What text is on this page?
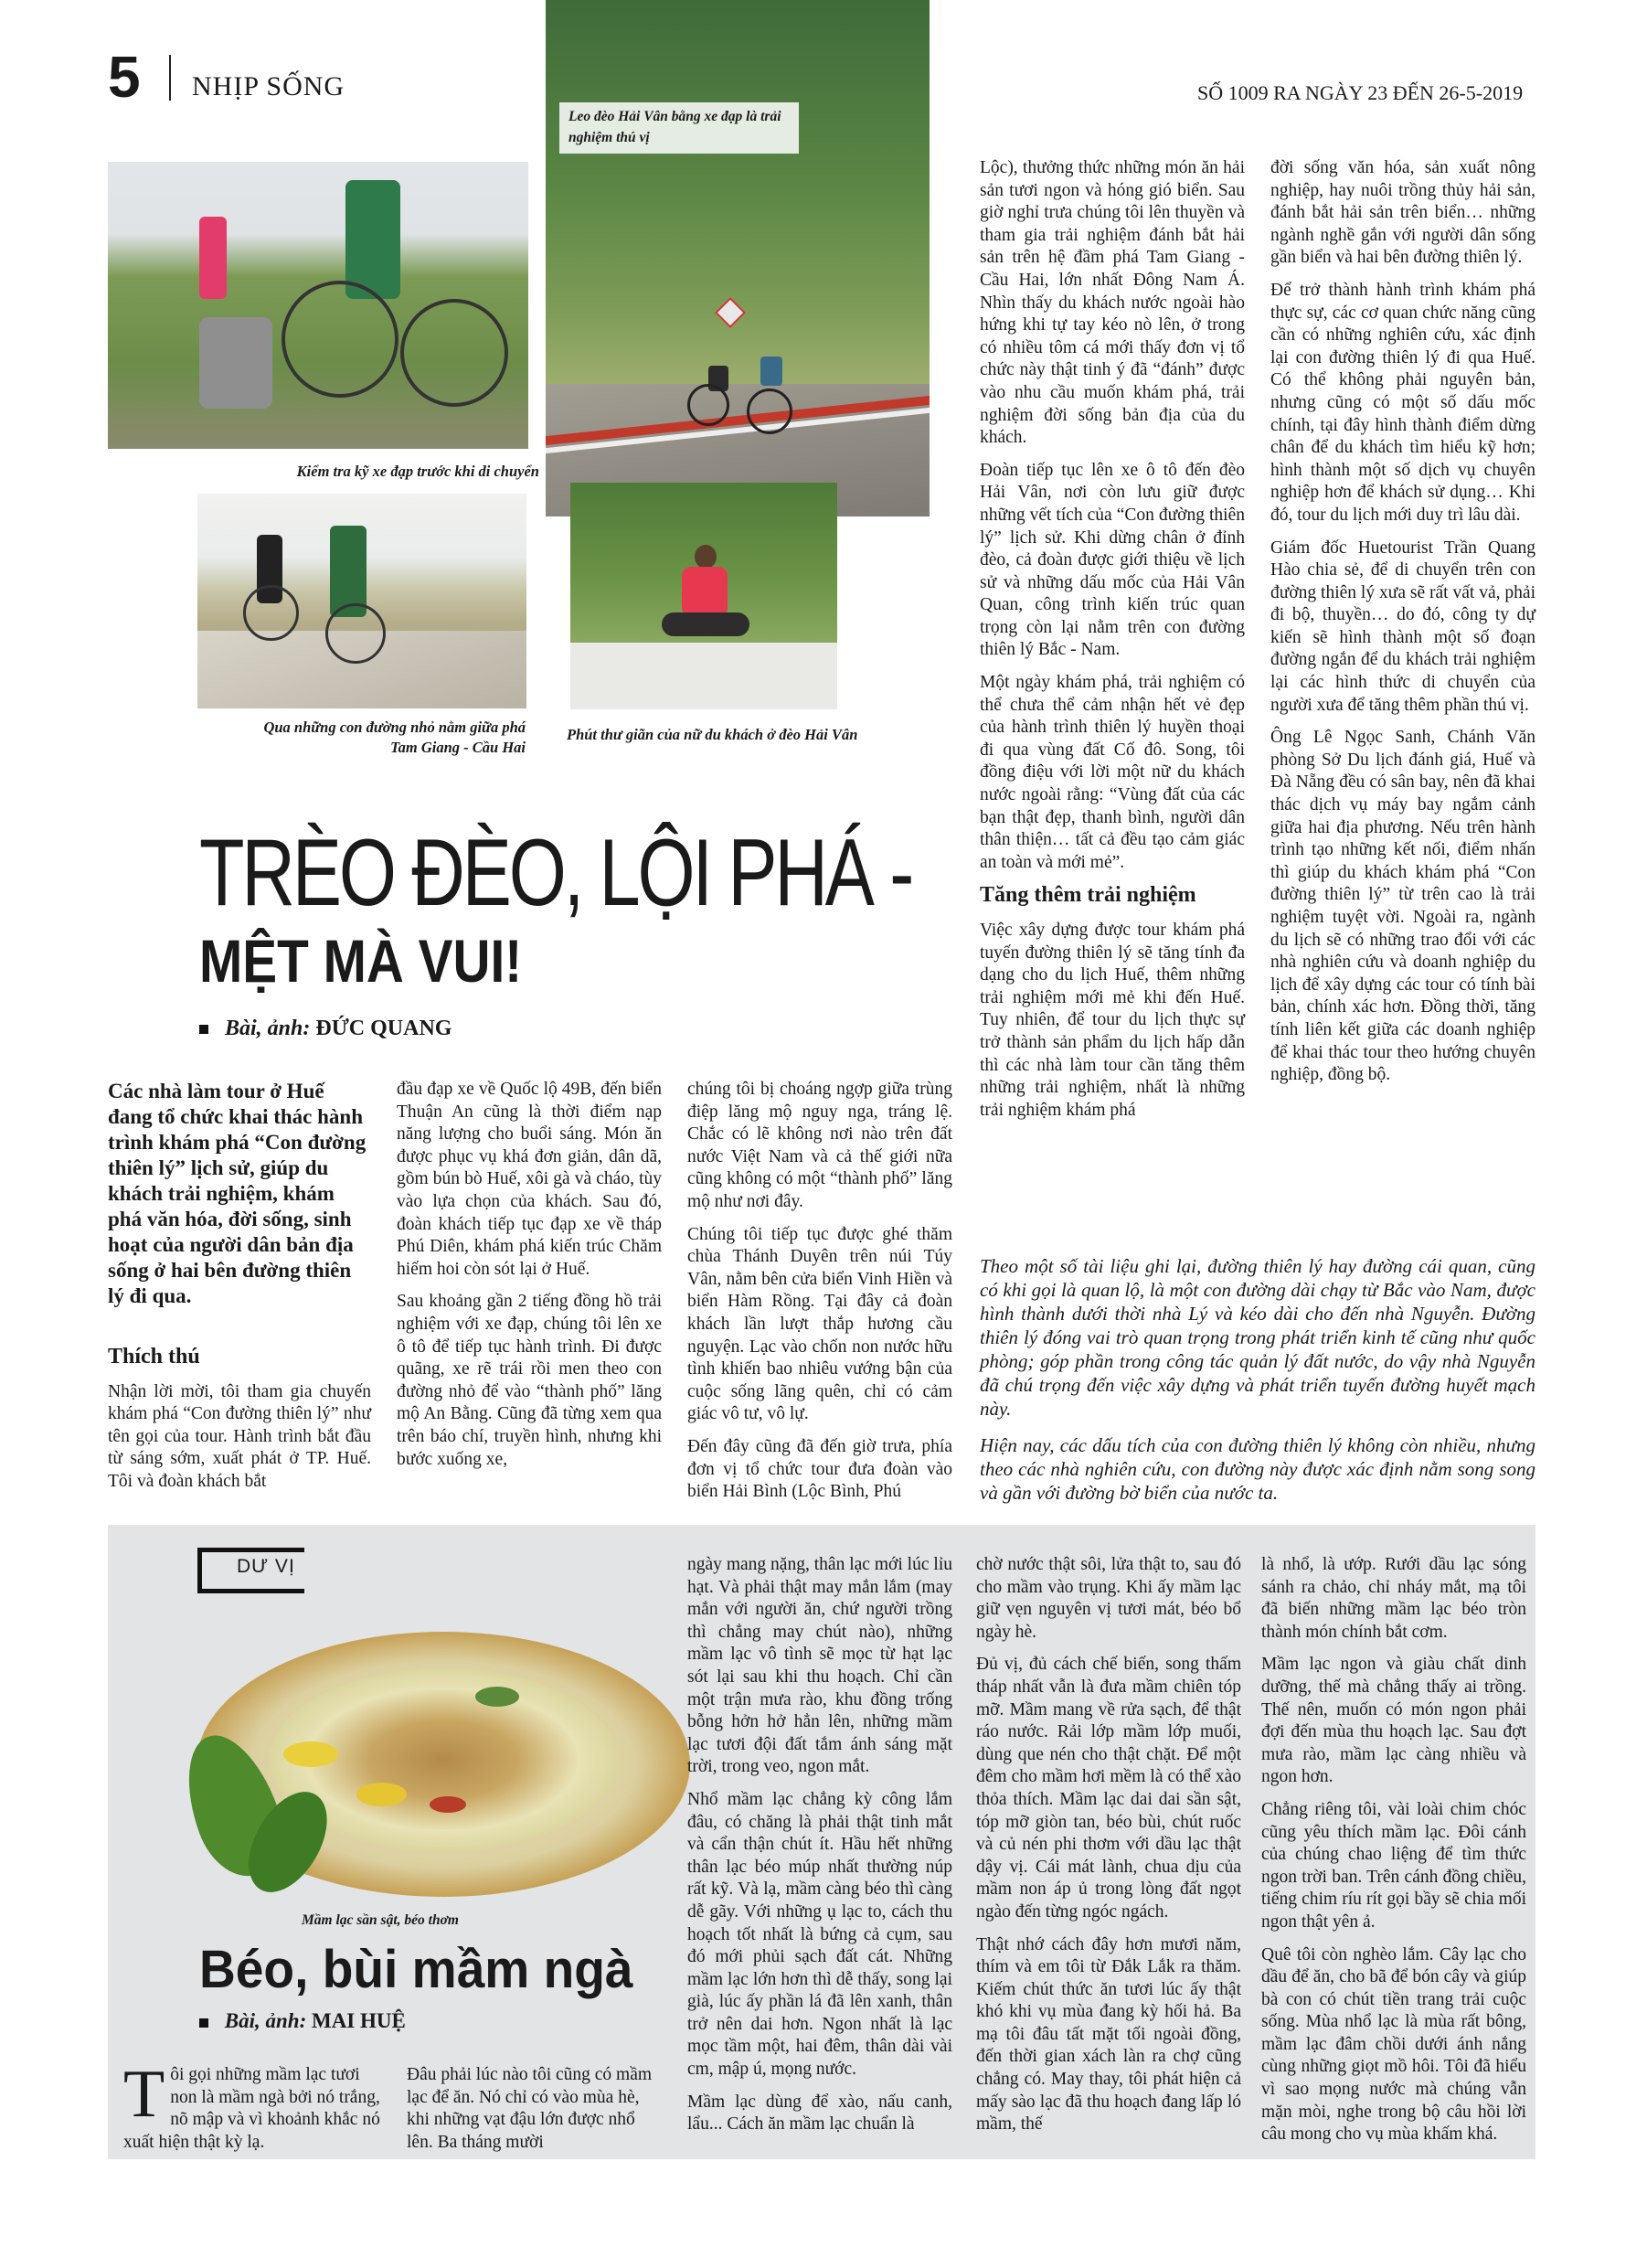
5 NHỊP SỐNG	SỐ 1009 RA NGÀY 23 ĐẾN 26-5-2019
Leo đèo Hải Vân bằng xe đạp là trải nghiệm thú vị
Kiểm tra kỹ xe đạp trước khi di chuyển
Qua những con đường nhỏ nằm giữa phá Tam Giang - Cầu Hai
Phút thư giãn của nữ du khách ở đèo Hải Vân
TRÈO ĐÈO, LỘI PHÁ -
MỆT MÀ VUI!
Bài, ảnh: ĐỨC QUANG

Các nhà làm tour ở Huế đang tổ chức khai thác hành trình khám phá “Con đường thiên lý” lịch sử, giúp du khách trải nghiệm, khám phá văn hóa, đời sống, sinh hoạt của người dân bản địa sống ở hai bên đường thiên lý đi qua.

Thích thú

Nhận lời mời, tôi tham gia chuyến khám phá “Con đường thiên lý” như tên gọi của tour. Hành trình bắt đầu từ sáng sớm, xuất phát ở TP. Huế. Tôi và đoàn khách bắt

đầu đạp xe về Quốc lộ 49B, đến biển Thuận An cũng là thời điểm nạp năng lượng cho buổi sáng. Món ăn được phục vụ khá đơn giản, dân dã, gồm bún bò Huế, xôi gà và cháo, tùy vào lựa chọn của khách. Sau đó, đoàn khách tiếp tục đạp xe về tháp Phú Diên, khám phá kiến trúc Chăm hiếm hoi còn sót lại ở Huế.

Sau khoảng gần 2 tiếng đồng hồ trải nghiệm với xe đạp, chúng tôi lên xe ô tô để tiếp tục hành trình. Đi được quãng, xe rẽ trái rồi men theo con đường nhỏ để vào “thành phố” lăng mộ An Bằng. Cũng đã từng xem qua trên báo chí, truyền hình, nhưng khi bước xuống xe,

chúng tôi bị choáng ngợp giữa trùng điệp lăng mộ nguy nga, tráng lệ. Chắc có lẽ không nơi nào trên đất nước Việt Nam và cả thế giới nữa cũng không có một “thành phố” lăng mộ như nơi đây.

Chúng tôi tiếp tục được ghé thăm chùa Thánh Duyên trên núi Túy Vân, nằm bên cửa biển Vinh Hiền và biển Hàm Rồng. Tại đây cả đoàn khách lần lượt thắp hương cầu nguyện. Lạc vào chốn non nước hữu tình khiến bao nhiêu vướng bận của cuộc sống lãng quên, chỉ có cảm giác vô tư, vô lự.

Đến đây cũng đã đến giờ trưa, phía đơn vị tổ chức tour đưa đoàn vào biển Hải Bình (Lộc Bình, Phú

Lộc), thưởng thức những món ăn hải sản tươi ngon và hóng gió biển. Sau giờ nghỉ trưa chúng tôi lên thuyền và tham gia trải nghiệm đánh bắt hải sản trên hệ đầm phá Tam Giang - Cầu Hai, lớn nhất Đông Nam Á. Nhìn thấy du khách nước ngoài hào hứng khi tự tay kéo nò lên, ở trong có nhiều tôm cá mới thấy đơn vị tổ chức này thật tinh ý đã “đánh” được vào nhu cầu muốn khám phá, trải nghiệm đời sống bản địa của du khách.

Đoàn tiếp tục lên xe ô tô đến đèo Hải Vân, nơi còn lưu giữ được những vết tích của “Con đường thiên lý” lịch sử. Khi dừng chân ở đỉnh đèo, cả đoàn được giới thiệu về lịch sử và những dấu mốc của Hải Vân Quan, công trình kiến trúc quan trọng còn lại nằm trên con đường thiên lý Bắc - Nam.

Một ngày khám phá, trải nghiệm có thể chưa thể cảm nhận hết vẻ đẹp của hành trình thiên lý huyền thoại đi qua vùng đất Cố đô. Song, tôi đồng điệu với lời một nữ du khách nước ngoài rằng: “Vùng đất của các bạn thật đẹp, thanh bình, người dân thân thiện… tất cả đều tạo cảm giác an toàn và mới mẻ”.

Tăng thêm trải nghiệm

Việc xây dựng được tour khám phá tuyến đường thiên lý sẽ tăng tính đa dạng cho du lịch Huế, thêm những trải nghiệm mới mẻ khi đến Huế. Tuy nhiên, để tour du lịch thực sự trở thành sản phẩm du lịch hấp dẫn thì các nhà làm tour cần tăng thêm những trải nghiệm, nhất là những trải nghiệm khám phá

đời sống văn hóa, sản xuất nông nghiệp, hay nuôi trồng thủy hải sản, đánh bắt hải sản trên biển… những ngành nghề gắn với người dân sống gần biển và hai bên đường thiên lý.

Để trở thành hành trình khám phá thực sự, các cơ quan chức năng cũng cần có những nghiên cứu, xác định lại con đường thiên lý đi qua Huế. Có thể không phải nguyên bản, nhưng cũng có một số dấu mốc chính, tại đây hình thành điểm dừng chân để du khách tìm hiểu kỹ hơn; hình thành một số dịch vụ chuyên nghiệp hơn để khách sử dụng… Khi đó, tour du lịch mới duy trì lâu dài.

Giám đốc Huetourist Trần Quang Hào chia sẻ, để di chuyển trên con đường thiên lý xưa sẽ rất vất vả, phải đi bộ, thuyền… do đó, công ty dự kiến sẽ hình thành một số đoạn đường ngắn để du khách trải nghiệm lại các hình thức di chuyển của người xưa để tăng thêm phần thú vị.

Ông Lê Ngọc Sanh, Chánh Văn phòng Sở Du lịch đánh giá, Huế và Đà Nẵng đều có sân bay, nên đã khai thác dịch vụ máy bay ngắm cảnh giữa hai địa phương. Nếu trên hành trình tạo những kết nối, điểm nhấn thì giúp du khách khám phá “Con đường thiên lý” từ trên cao là trải nghiệm tuyệt vời. Ngoài ra, ngành du lịch sẽ có những trao đổi với các nhà nghiên cứu và doanh nghiệp du lịch để xây dựng các tour có tính bài bản, chính xác hơn. Đồng thời, tăng tính liên kết giữa các doanh nghiệp để khai thác tour theo hướng chuyên nghiệp, đồng bộ.

Theo một số tài liệu ghi lại, đường thiên lý hay đường cái quan, cũng có khi gọi là quan lộ, là một con đường dài chạy từ Bắc vào Nam, được hình thành dưới thời nhà Lý và kéo dài cho đến nhà Nguyễn. Đường thiên lý đóng vai trò quan trọng trong phát triển kinh tế cũng như quốc phòng; góp phần trong công tác quản lý đất nước, do vậy nhà Nguyễn đã chú trọng đến việc xây dựng và phát triển tuyến đường huyết mạch này.

Hiện nay, các dấu tích của con đường thiên lý không còn nhiều, nhưng theo các nhà nghiên cứu, con đường này được xác định nằm song song và gần với đường bờ biển của nước ta.

DƯ VỊ
Mầm lạc sần sật, béo thơm
Béo, bùi mầm ngà
Bài, ảnh: MAI HUỆ

Tôi gọi những mầm lạc tươi non là mầm ngà bởi nó trắng, nõ mập và vì khoảnh khắc nó xuất hiện thật kỳ lạ.

Đâu phải lúc nào tôi cũng có mầm lạc để ăn. Nó chỉ có vào mùa hè, khi những vạt đậu lớn được nhổ lên. Ba tháng mười

ngày mang nặng, thân lạc mới lúc lỉu hạt. Và phải thật may mắn lắm (may mắn với người ăn, chứ người trồng thì chẳng may chút nào), những mầm lạc vô tình sẽ mọc từ hạt lạc sót lại sau khi thu hoạch. Chỉ cần một trận mưa rào, khu đồng trống bỗng hởn hở hẳn lên, những mầm lạc tươi đội đất tắm ánh sáng mặt trời, trong veo, ngon mắt.

Nhổ mầm lạc chẳng kỳ công lắm đâu, có chăng là phải thật tinh mắt và cẩn thận chút ít. Hầu hết những thân lạc béo múp nhất thường núp rất kỹ. Và lạ, mầm càng béo thì càng dễ gãy. Với những ụ lạc to, cách thu hoạch tốt nhất là bứng cả cụm, sau đó mới phủi sạch đất cát. Những mầm lạc lớn hơn thì dễ thấy, song lại già, lúc ấy phần lá đã lên xanh, thân trở nên dai hơn. Ngon nhất là lạc mọc tầm một, hai đêm, thân dài vài cm, mập ú, mọng nước.

Mầm lạc dùng để xào, nấu canh, lẩu... Cách ăn mầm lạc chuẩn là

chờ nước thật sôi, lửa thật to, sau đó cho mầm vào trụng. Khi ấy mầm lạc giữ vẹn nguyên vị tươi mát, béo bổ ngày hè.

Đủ vị, đủ cách chế biến, song thấm tháp nhất vẫn là đưa mầm chiên tóp mỡ. Mầm mang về rửa sạch, để thật ráo nước. Rải lớp mầm lớp muối, dùng que nén cho thật chặt. Để một đêm cho mầm hơi mềm là có thể xào thỏa thích. Mầm lạc dai dai sần sật, tóp mỡ giòn tan, béo bùi, chút ruốc và củ nén phi thơm với dầu lạc thật dậy vị. Cái mát lành, chua dịu của mầm non áp ủ trong lòng đất ngọt ngào đến từng ngóc ngách.

Thật nhớ cách đây hơn mươi năm, thím và em tôi từ Đắk Lắk ra thăm. Kiếm chút thức ăn tươi lúc ấy thật khó khi vụ mùa đang kỳ hối hả. Ba mạ tôi đâu tất mặt tối ngoài đồng, đến thời gian xách làn ra chợ cũng chẳng có. May thay, tôi phát hiện cả mấy sào lạc đã thu hoạch đang lấp ló mầm, thế

là nhổ, là ướp. Rưới dầu lạc sóng sánh ra chảo, chỉ nháy mắt, mạ tôi đã biến những mầm lạc béo tròn thành món chính bắt cơm.

Mầm lạc ngon và giàu chất dinh dưỡng, thế mà chẳng thấy ai trồng. Thế nên, muốn có món ngon phải đợi đến mùa thu hoạch lạc. Sau đợt mưa rào, mầm lạc càng nhiều và ngon hơn.

Chẳng riêng tôi, vài loài chim chóc cũng yêu thích mầm lạc. Đôi cánh của chúng chao liệng để tìm thức ngon trời ban. Trên cánh đồng chiều, tiếng chim ríu rít gọi bầy sẽ chia mối ngon thật yên ả.

Quê tôi còn nghèo lắm. Cây lạc cho dầu để ăn, cho bã để bón cây và giúp bà con có chút tiền trang trải cuộc sống. Mùa nhổ lạc là mùa rất bông, mầm lạc đâm chồi dưới ánh nắng cùng những giọt mồ hôi. Tôi đã hiểu vì sao mọng nước mà chúng vẫn mặn mòi, nghe trong bộ câu hồi lời câu mong cho vụ mùa khấm khá.
